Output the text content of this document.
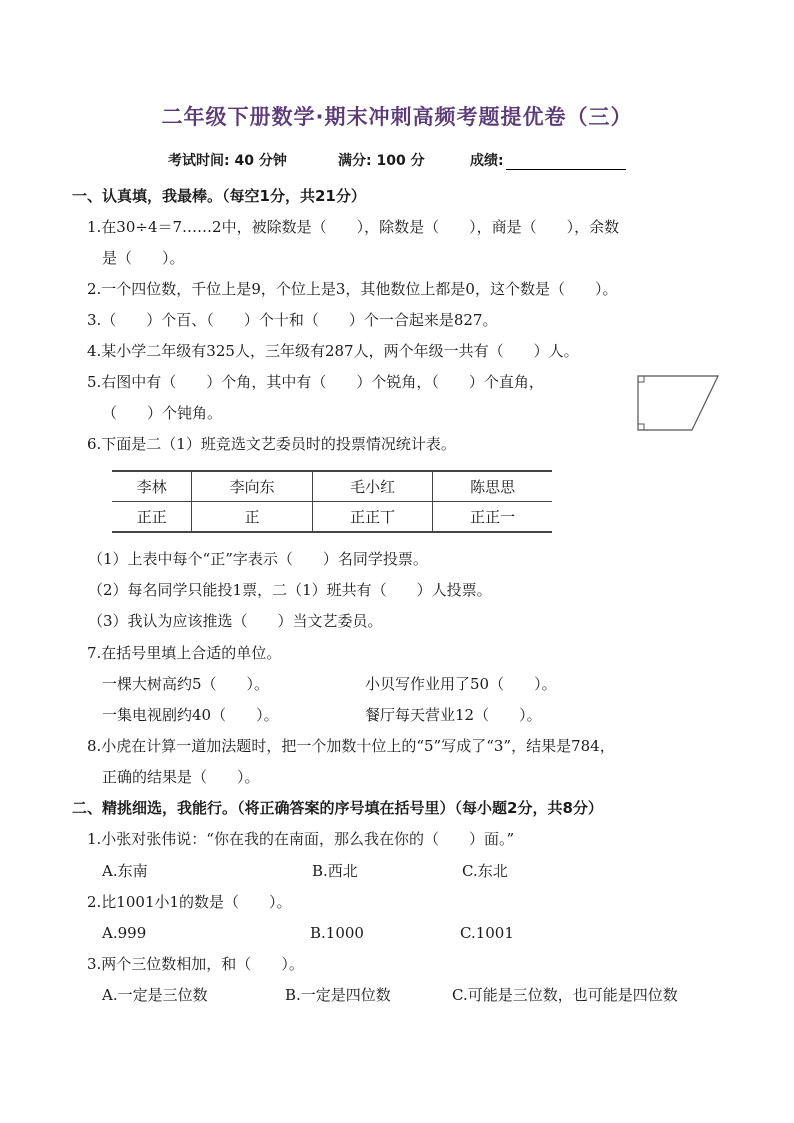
二年级下册数学·期末冲刺高频考题提优卷（三）
考试时间: 40 分钟	满分: 100 分	成绩:
一、认真填，我最棒。（每空1分，共21分）
1.在30÷4＝7……2中，被除数是（　　），除数是（　　），商是（　　），余数
是（　　）。
2.一个四位数，千位上是9，个位上是3，其他数位上都是0，这个数是（　　）。
3.（　　）个百、（　　）个十和（　　）个一合起来是827。
4.某小学二年级有325人，三年级有287人，两个年级一共有（　　）人。
5.右图中有（　　）个角，其中有（　　）个锐角，（　　）个直角，
（　　）个钝角。
6.下面是二（1）班竞选文艺委员时的投票情况统计表。
李林	李向东	毛小红	陈思思
正正	正	正正丅	正正一
（1）上表中每个“正”字表示（　　）名同学投票。
（2）每名同学只能投1票，二（1）班共有（　　）人投票。
（3）我认为应该推选（　　）当文艺委员。
7.在括号里填上合适的单位。
一棵大树高约5（　　）。	小贝写作业用了50（　　）。
一集电视剧约40（　　）。	餐厅每天营业12（　　）。
8.小虎在计算一道加法题时，把一个加数十位上的“5”写成了“3”，结果是784，
正确的结果是（　　）。
二、精挑细选，我能行。（将正确答案的序号填在括号里）（每小题2分，共8分）
1.小张对张伟说：“你在我的在南面，那么我在你的（　　）面。”
A.东南	B.西北	C.东北
2.比1001小1的数是（　　）。
A.999	B.1000	C.1001
3.两个三位数相加，和（　　）。
A.一定是三位数	B.一定是四位数	C.可能是三位数，也可能是四位数
